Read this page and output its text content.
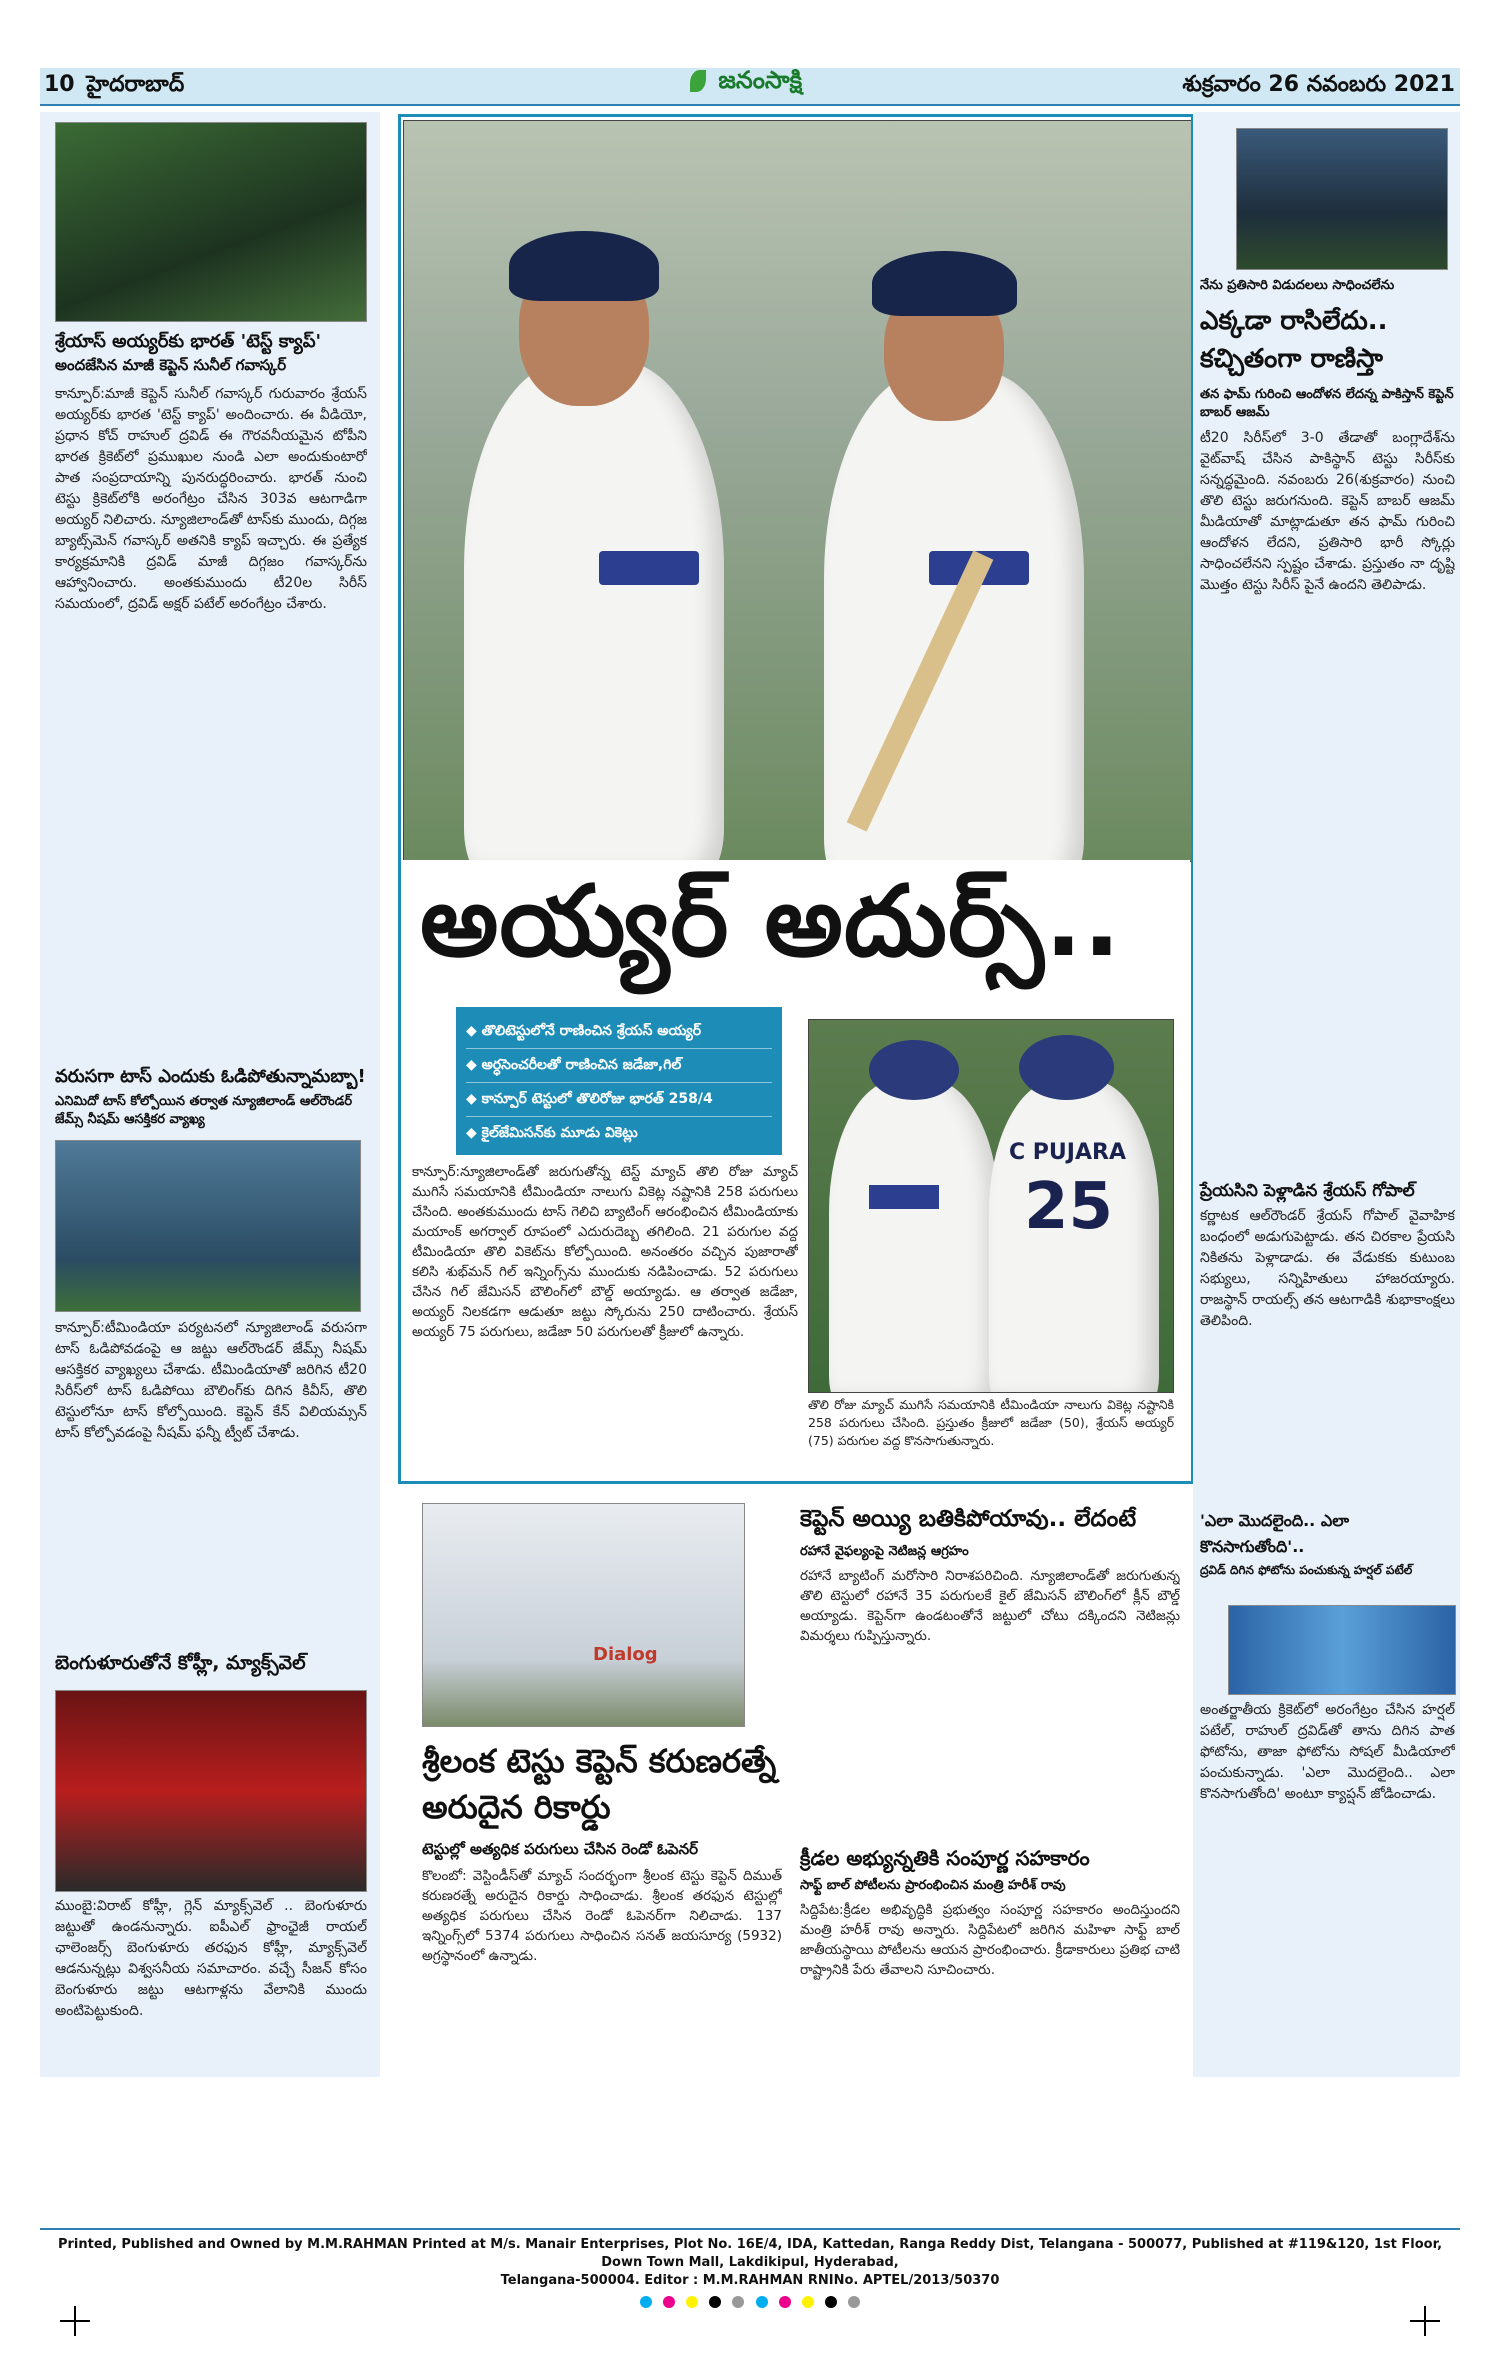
10 హైదరాబాద్	జనంసాక్షి	శుక్రవారం 26 నవంబరు 2021
శ్రేయాస్ అయ్యర్‌కు భారత్ 'టెస్ట్ క్యాప్'
అందజేసిన మాజీ కెప్టెన్ సునీల్ గవాస్కర్
కాన్పూర్:మాజీ కెప్టెన్ సునీల్ గవాస్కర్ గురువారం శ్రేయస్ అయ్యర్‌కు భారత 'టెస్ట్ క్యాప్' అందించారు. ఈ వీడియో, ప్రధాన కోచ్ రాహుల్ ద్రవిడ్ ఈ గౌరవనీయమైన టోపీని భారత క్రికెట్‌లో ప్రముఖుల నుండి ఎలా అందుకుంటారో పాత సంప్రదాయాన్ని పునరుద్ధరించారు. భారత్ నుంచి టెస్టు క్రికెట్‌లోకి అరంగేట్రం చేసిన 303వ ఆటగాడిగా అయ్యర్ నిలిచారు. న్యూజిలాండ్‌తో టాస్‌కు ముందు, దిగ్గజ బ్యాట్స్‌మెన్ గవాస్కర్ అతనికి క్యాప్ ఇచ్చారు. ఈ ప్రత్యేక కార్యక్రమానికి ద్రవిడ్ మాజీ దిగ్గజం గవాస్కర్‌ను ఆహ్వానించారు. అంతకుముందు టీ20ల సిరీస్ సమయంలో, ద్రవిడ్ అక్షర్ పటేల్ అరంగేట్రం చేశారు.
వరుసగా టాస్ ఎందుకు ఓడిపోతున్నామబ్బా!
ఎనిమిదో టాస్ కోల్పోయిన తర్వాత న్యూజిలాండ్ ఆల్‌రౌండర్ జేమ్స్ నీషమ్ ఆసక్తికర వ్యాఖ్య
కాన్పూర్:టీమిండియా పర్యటనలో న్యూజిలాండ్ వరుసగా టాస్ ఓడిపోవడంపై ఆ జట్టు ఆల్‌రౌండర్ జేమ్స్ నీషమ్ ఆసక్తికర వ్యాఖ్యలు చేశాడు. టీమిండియాతో జరిగిన టీ20 సిరీస్‌లో టాస్ ఓడిపోయి బౌలింగ్‌కు దిగిన కివీస్, తొలి టెస్టులోనూ టాస్ కోల్పోయింది. కెప్టెన్ కేన్ విలియమ్సన్ టాస్ కోల్పోవడంపై నీషమ్ ఫన్నీ ట్వీట్ చేశాడు.
బెంగుళూరుతోనే కోహ్లీ, మ్యాక్స్‌వెల్
ముంబై:విరాట్ కోహ్లీ, గ్లెన్ మ్యాక్స్‌వెల్ .. బెంగుళూరు జట్టుతో ఉండనున్నారు. ఐపీఎల్ ఫ్రాంఛైజీ రాయల్ ఛాలెంజర్స్ బెంగుళూరు తరఫున కోహ్లీ, మ్యాక్స్‌వెల్ ఆడనున్నట్లు విశ్వసనీయ సమాచారం. వచ్చే సీజన్ కోసం బెంగుళూరు జట్టు ఆటగాళ్లను వేలానికి ముందు అంటిపెట్టుకుంది.
అయ్యర్ అదుర్స్..
◆ తొలిటెస్టులోనే రాణించిన శ్రేయస్ అయ్యర్
◆ అర్ధసెంచరీలతో రాణించిన జడేజా,గిల్
◆ కాన్పూర్ టెస్టులో తొలిరోజు భారత్ 258/4
◆ కైల్‌జేమిసన్‌కు మూడు వికెట్లు
కాన్పూర్:న్యూజిలాండ్‌తో జరుగుతోన్న టెస్ట్ మ్యాచ్ తొలి రోజు మ్యాచ్ ముగిసే సమయానికి టీమిండియా నాలుగు వికెట్ల నష్టానికి 258 పరుగులు చేసింది. అంతకుముందు టాస్ గెలిచి బ్యాటింగ్ ఆరంభించిన టీమిండియాకు మయాంక్ అగర్వాల్ రూపంలో ఎదురుదెబ్బ తగిలింది. 21 పరుగుల వద్ద టీమిండియా తొలి వికెట్‌ను కోల్పోయింది. అనంతరం వచ్చిన పుజారాతో కలిసి శుభ్‌మన్ గిల్ ఇన్నింగ్స్‌ను ముందుకు నడిపించాడు. 52 పరుగులు చేసిన గిల్ జేమిసన్ బౌలింగ్‌లో బౌల్డ్ అయ్యాడు. ఆ తర్వాత జడేజా, అయ్యర్ నిలకడగా ఆడుతూ జట్టు స్కోరును 250 దాటించారు. శ్రేయస్ అయ్యర్ 75 పరుగులు, జడేజా 50 పరుగులతో క్రీజులో ఉన్నారు.
C PUJARA
25
తొలి రోజు మ్యాచ్ ముగిసే సమయానికి టీమిండియా నాలుగు వికెట్ల నష్టానికి 258 పరుగులు చేసింది. ప్రస్తుతం క్రీజులో జడేజా (50), శ్రేయస్ అయ్యర్ (75) పరుగుల వద్ద కొనసాగుతున్నారు.
నేను ప్రతిసారి విడుదలలు సాధించలేను
ఎక్కడా రాసిలేదు.. కచ్చితంగా రాణిస్తా
తన ఫామ్ గురించి ఆందోళన లేదన్న పాకిస్తాన్ కెప్టెన్ బాబర్ ఆజమ్
టీ20 సిరీస్‌లో 3-0 తేడాతో బంగ్లాదేశ్‌ను వైట్‌వాష్ చేసిన పాకిస్థాన్ టెస్టు సిరీస్‌కు సన్నద్ధమైంది. నవంబరు 26(శుక్రవారం) నుంచి తొలి టెస్టు జరుగనుంది. కెప్టెన్ బాబర్ ఆజమ్ మీడియాతో మాట్లాడుతూ తన ఫామ్ గురించి ఆందోళన లేదని, ప్రతిసారి భారీ స్కోర్లు సాధించలేనని స్పష్టం చేశాడు. ప్రస్తుతం నా దృష్టి మొత్తం టెస్టు సిరీస్ పైనే ఉందని తెలిపాడు.
ప్రేయసిని పెళ్లాడిన శ్రేయస్ గోపాల్
కర్ణాటక ఆల్‌రౌండర్ శ్రేయస్ గోపాల్ వైవాహిక బంధంలో అడుగుపెట్టాడు. తన చిరకాల ప్రేయసి నికితను పెళ్లాడాడు. ఈ వేడుకకు కుటుంబ సభ్యులు, సన్నిహితులు హాజరయ్యారు. రాజస్థాన్ రాయల్స్ తన ఆటగాడికి శుభాకాంక్షలు తెలిపింది.
'ఎలా మొదలైంది.. ఎలా కొనసాగుతోంది'..
ద్రవిడ్ దిగిన ఫోటోను పంచుకున్న హర్షల్ పటేల్
అంతర్జాతీయ క్రికెట్‌లో అరంగేట్రం చేసిన హర్షల్ పటేల్, రాహుల్ ద్రవిడ్‌తో తాను దిగిన పాత ఫోటోను, తాజా ఫోటోను సోషల్ మీడియాలో పంచుకున్నాడు. 'ఎలా మొదలైంది.. ఎలా కొనసాగుతోంది' అంటూ క్యాప్షన్ జోడించాడు.
Dialog
శ్రీలంక టెస్టు కెప్టెన్ కరుణరత్నే అరుదైన రికార్డు
టెస్టుల్లో అత్యధిక పరుగులు చేసిన రెండో ఓపెనర్
కొలంబో: వెస్టిండీస్‌తో మ్యాచ్ సందర్భంగా శ్రీలంక టెస్టు కెప్టెన్ దిముత్ కరుణరత్నే అరుదైన రికార్డు సాధించాడు. శ్రీలంక తరఫున టెస్టుల్లో అత్యధిక పరుగులు చేసిన రెండో ఓపెనర్‌గా నిలిచాడు. 137 ఇన్నింగ్స్‌లో 5374 పరుగులు సాధించిన సనత్ జయసూర్య (5932) అగ్రస్థానంలో ఉన్నాడు.
కెప్టెన్ అయ్యి బతికిపోయావు.. లేదంటే
రహానే వైఫల్యంపై నెటిజన్ల ఆగ్రహం
రహానే బ్యాటింగ్ మరోసారి నిరాశపరిచింది. న్యూజిలాండ్‌తో జరుగుతున్న తొలి టెస్టులో రహానే 35 పరుగులకే కైల్ జేమిసన్ బౌలింగ్‌లో క్లీన్ బౌల్డ్ అయ్యాడు. కెప్టెన్‌గా ఉండటంతోనే జట్టులో చోటు దక్కిందని నెటిజన్లు విమర్శలు గుప్పిస్తున్నారు.
క్రీడల అభ్యున్నతికి సంపూర్ణ సహకారం
సాఫ్ట్ బాల్ పోటీలను ప్రారంభించిన మంత్రి హరీశ్ రావు
సిద్దిపేట:క్రీడల అభివృద్ధికి ప్రభుత్వం సంపూర్ణ సహకారం అందిస్తుందని మంత్రి హరీశ్ రావు అన్నారు. సిద్దిపేటలో జరిగిన మహిళా సాఫ్ట్ బాల్ జాతీయస్థాయి పోటీలను ఆయన ప్రారంభించారు. క్రీడాకారులు ప్రతిభ చాటి రాష్ట్రానికి పేరు తేవాలని సూచించారు.
Printed, Published and Owned by M.M.RAHMAN Printed at M/s. Manair Enterprises, Plot No. 16E/4, IDA, Kattedan, Ranga Reddy Dist, Telangana - 500077, Published at #119&120, 1st Floor, Down Town Mall, Lakdikipul, Hyderabad,
Telangana-500004. Editor : M.M.RAHMAN RNINo. APTEL/2013/50370
